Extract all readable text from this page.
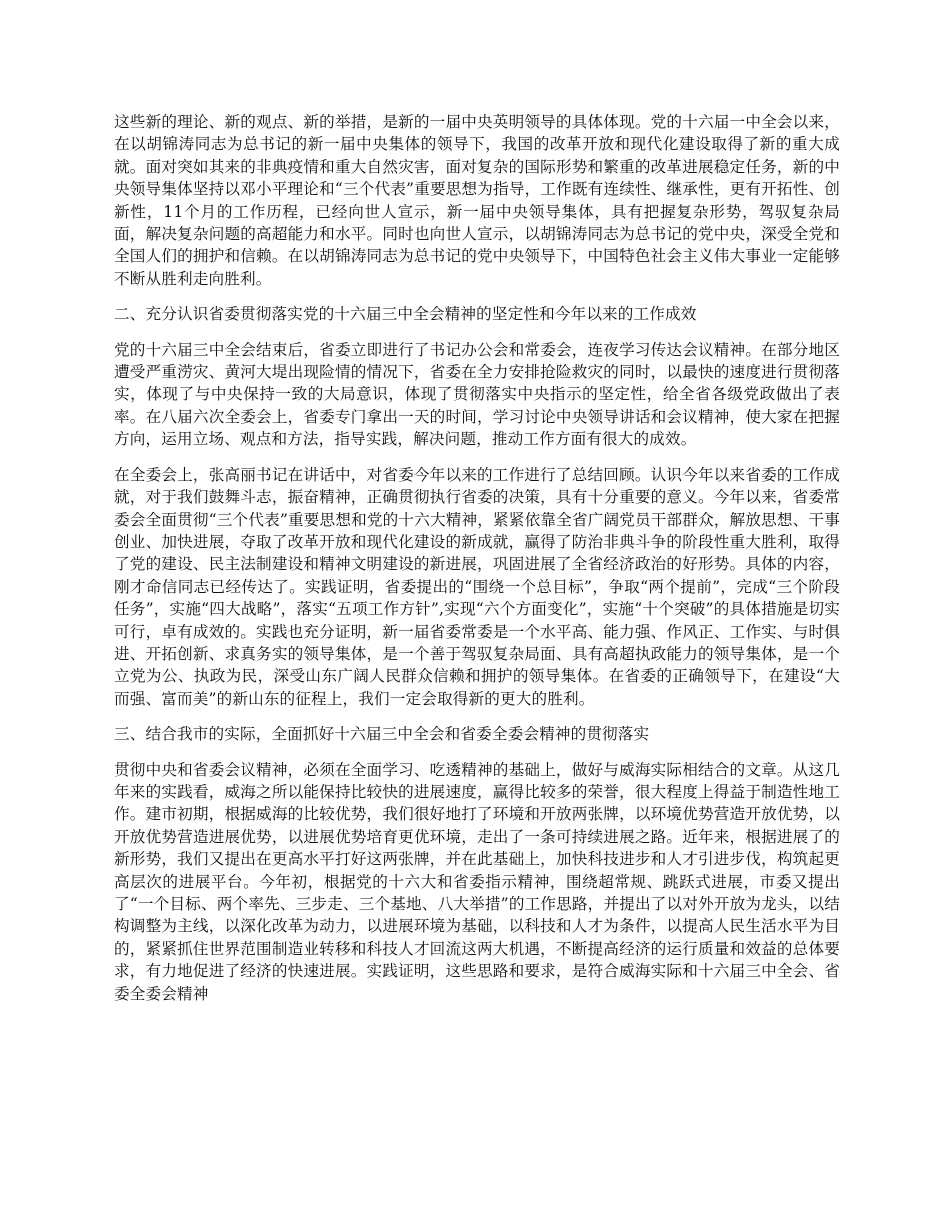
这些新的理论、新的观点、新的举措，是新的一届中央英明领导的具体体现。党的十六届一中全会以来，在以胡锦涛同志为总书记的新一届中央集体的领导下，我国的改革开放和现代化建设取得了新的重大成就。面对突如其来的非典疫情和重大自然灾害，面对复杂的国际形势和繁重的改革进展稳定任务，新的中央领导集体坚持以邓小平理论和“三个代表”重要思想为指导，工作既有连续性、继承性，更有开拓性、创新性，11个月的工作历程，已经向世人宣示，新一届中央领导集体，具有把握复杂形势，驾驭复杂局面，解决复杂问题的高超能力和水平。同时也向世人宣示，以胡锦涛同志为总书记的党中央，深受全党和全国人们的拥护和信赖。在以胡锦涛同志为总书记的党中央领导下，中国特色社会主义伟大事业一定能够不断从胜利走向胜利。

二、充分认识省委贯彻落实党的十六届三中全会精神的坚定性和今年以来的工作成效

党的十六届三中全会结束后，省委立即进行了书记办公会和常委会，连夜学习传达会议精神。在部分地区遭受严重涝灾、黄河大堤出现险情的情况下，省委在全力安排抢险救灾的同时，以最快的速度进行贯彻落实，体现了与中央保持一致的大局意识，体现了贯彻落实中央指示的坚定性，给全省各级党政做出了表率。在八届六次全委会上，省委专门拿出一天的时间，学习讨论中央领导讲话和会议精神，使大家在把握方向，运用立场、观点和方法，指导实践，解决问题，推动工作方面有很大的成效。

在全委会上，张高丽书记在讲话中，对省委今年以来的工作进行了总结回顾。认识今年以来省委的工作成就，对于我们鼓舞斗志，振奋精神，正确贯彻执行省委的决策，具有十分重要的意义。今年以来，省委常委会全面贯彻“三个代表”重要思想和党的十六大精神，紧紧依靠全省广阔党员干部群众，解放思想、干事创业、加快进展，夺取了改革开放和现代化建设的新成就，赢得了防治非典斗争的阶段性重大胜利，取得了党的建设、民主法制建设和精神文明建设的新进展，巩固进展了全省经济政治的好形势。具体的内容，刚才命信同志已经传达了。实践证明，省委提出的“围绕一个总目标”，争取“两个提前”，完成“三个阶段任务”，实施“四大战略”，落实“五项工作方针”,实现“六个方面变化”，实施“十个突破”的具体措施是切实可行，卓有成效的。实践也充分证明，新一届省委常委是一个水平高、能力强、作风正、工作实、与时俱进、开拓创新、求真务实的领导集体，是一个善于驾驭复杂局面、具有高超执政能力的领导集体，是一个立党为公、执政为民，深受山东广阔人民群众信赖和拥护的领导集体。在省委的正确领导下，在建设“大而强、富而美”的新山东的征程上，我们一定会取得新的更大的胜利。

三、结合我市的实际，全面抓好十六届三中全会和省委全委会精神的贯彻落实

贯彻中央和省委会议精神，必须在全面学习、吃透精神的基础上，做好与威海实际相结合的文章。从这几年来的实践看，威海之所以能保持比较快的进展速度，赢得比较多的荣誉，很大程度上得益于制造性地工作。建市初期，根据威海的比较优势，我们很好地打了环境和开放两张牌，以环境优势营造开放优势，以开放优势营造进展优势，以进展优势培育更优环境，走出了一条可持续进展之路。近年来，根据进展了的新形势，我们又提出在更高水平打好这两张牌，并在此基础上，加快科技进步和人才引进步伐，构筑起更高层次的进展平台。今年初，根据党的十六大和省委指示精神，围绕超常规、跳跃式进展，市委又提出了“一个目标、两个率先、三步走、三个基地、八大举措”的工作思路，并提出了以对外开放为龙头，以结构调整为主线，以深化改革为动力，以进展环境为基础，以科技和人才为条件，以提高人民生活水平为目的，紧紧抓住世界范围制造业转移和科技人才回流这两大机遇，不断提高经济的运行质量和效益的总体要求，有力地促进了经济的快速进展。实践证明，这些思路和要求，是符合威海实际和十六届三中全会、省委全委会精神
